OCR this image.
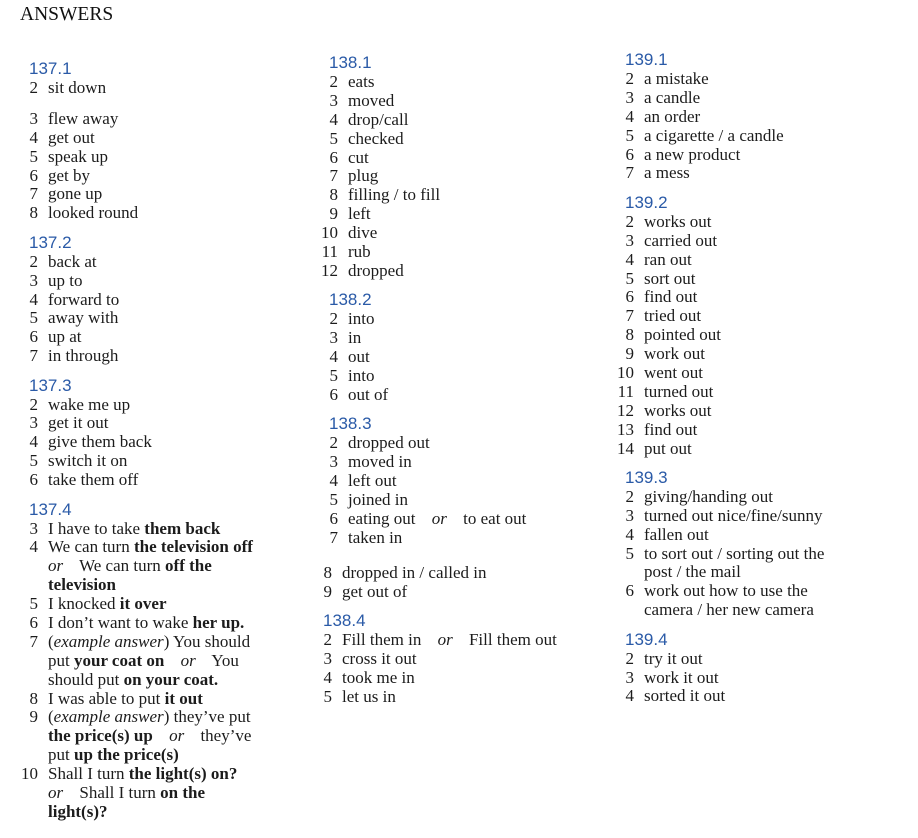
ANSWERS
137.1
2 sit down
3 flew away
4 get out
5 speak up
6 get by
7 gone up
8 looked round
137.2
2 back at
3 up to
4 forward to
5 away with
6 up at
7 in through
137.3
2 wake me up
3 get it out
4 give them back
5 switch it on
6 take them off
137.4
3 I have to take them back
4 We can turn the television off
or We can turn off the
television
5 I knocked it over
6 I don’t want to wake her up.
7 (example answer) You should
put your coat on or You
should put on your coat.
8 I was able to put it out
9 (example answer) they’ve put
the price(s) up or they’ve
put up the price(s)
10 Shall I turn the light(s) on?
or Shall I turn on the
light(s)?
138.1
2 eats
3 moved
4 drop/call
5 checked
6 cut
7 plug
8 filling / to fill
9 left
10 dive
11 rub
12 dropped
138.2
2 into
3 in
4 out
5 into
6 out of
138.3
2 dropped out
3 moved in
4 left out
5 joined in
6 eating out or to eat out
7 taken in
8 dropped in / called in
9 get out of
138.4
2 Fill them in or Fill them out
3 cross it out
4 took me in
5 let us in
139.1
2 a mistake
3 a candle
4 an order
5 a cigarette / a candle
6 a new product
7 a mess
139.2
2 works out
3 carried out
4 ran out
5 sort out
6 find out
7 tried out
8 pointed out
9 work out
10 went out
11 turned out
12 works out
13 find out
14 put out
139.3
2 giving/handing out
3 turned out nice/fine/sunny
4 fallen out
5 to sort out / sorting out the
post / the mail
6 work out how to use the
camera / her new camera
139.4
2 try it out
3 work it out
4 sorted it out
